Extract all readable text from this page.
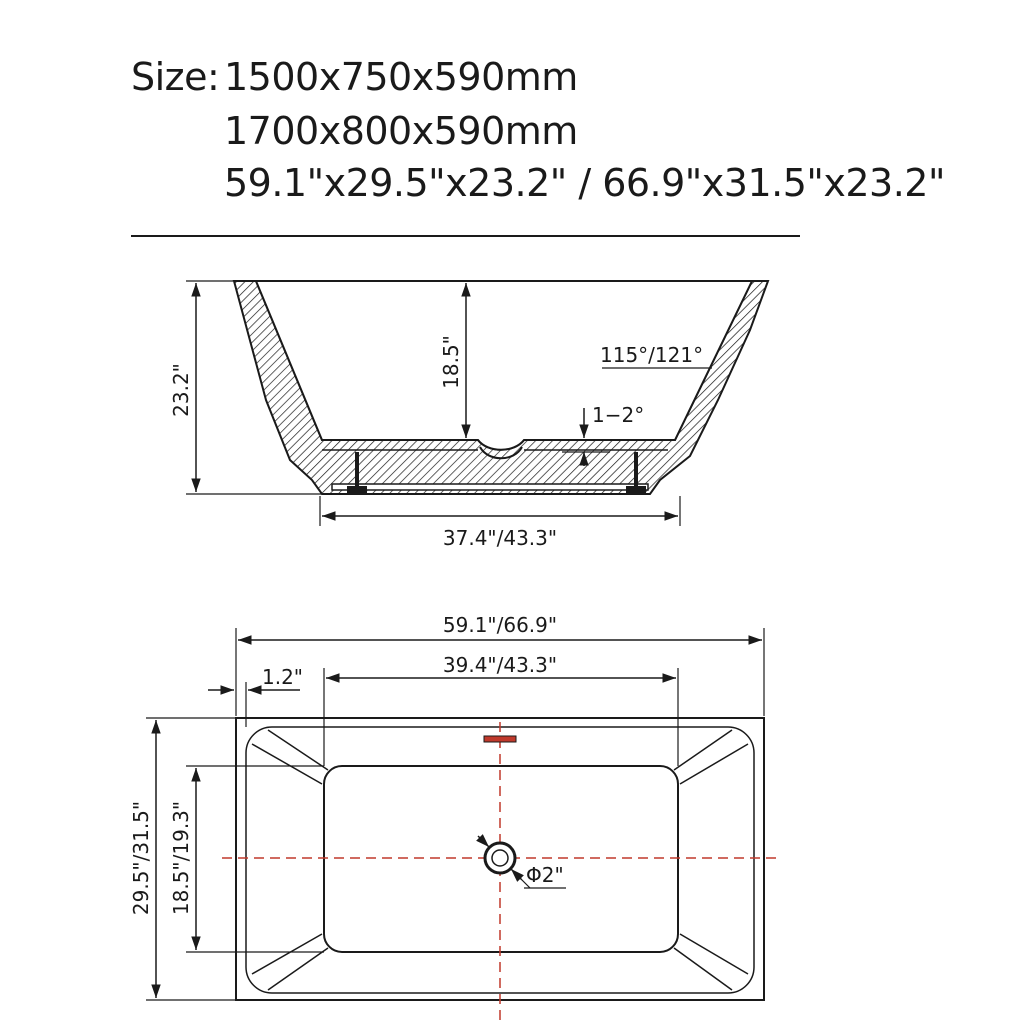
Size: 1500x750x590mm
1700x800x590mm
59.1"x29.5"x23.2" / 66.9"x31.5"x23.2"
23.2"
18.5"	115°/121°
1−2°
37.4"/43.3"
Φ2"
59.1"/66.9"
39.4"/43.3"
1.2"
29.5"/31.5" 18.5"/19.3"
